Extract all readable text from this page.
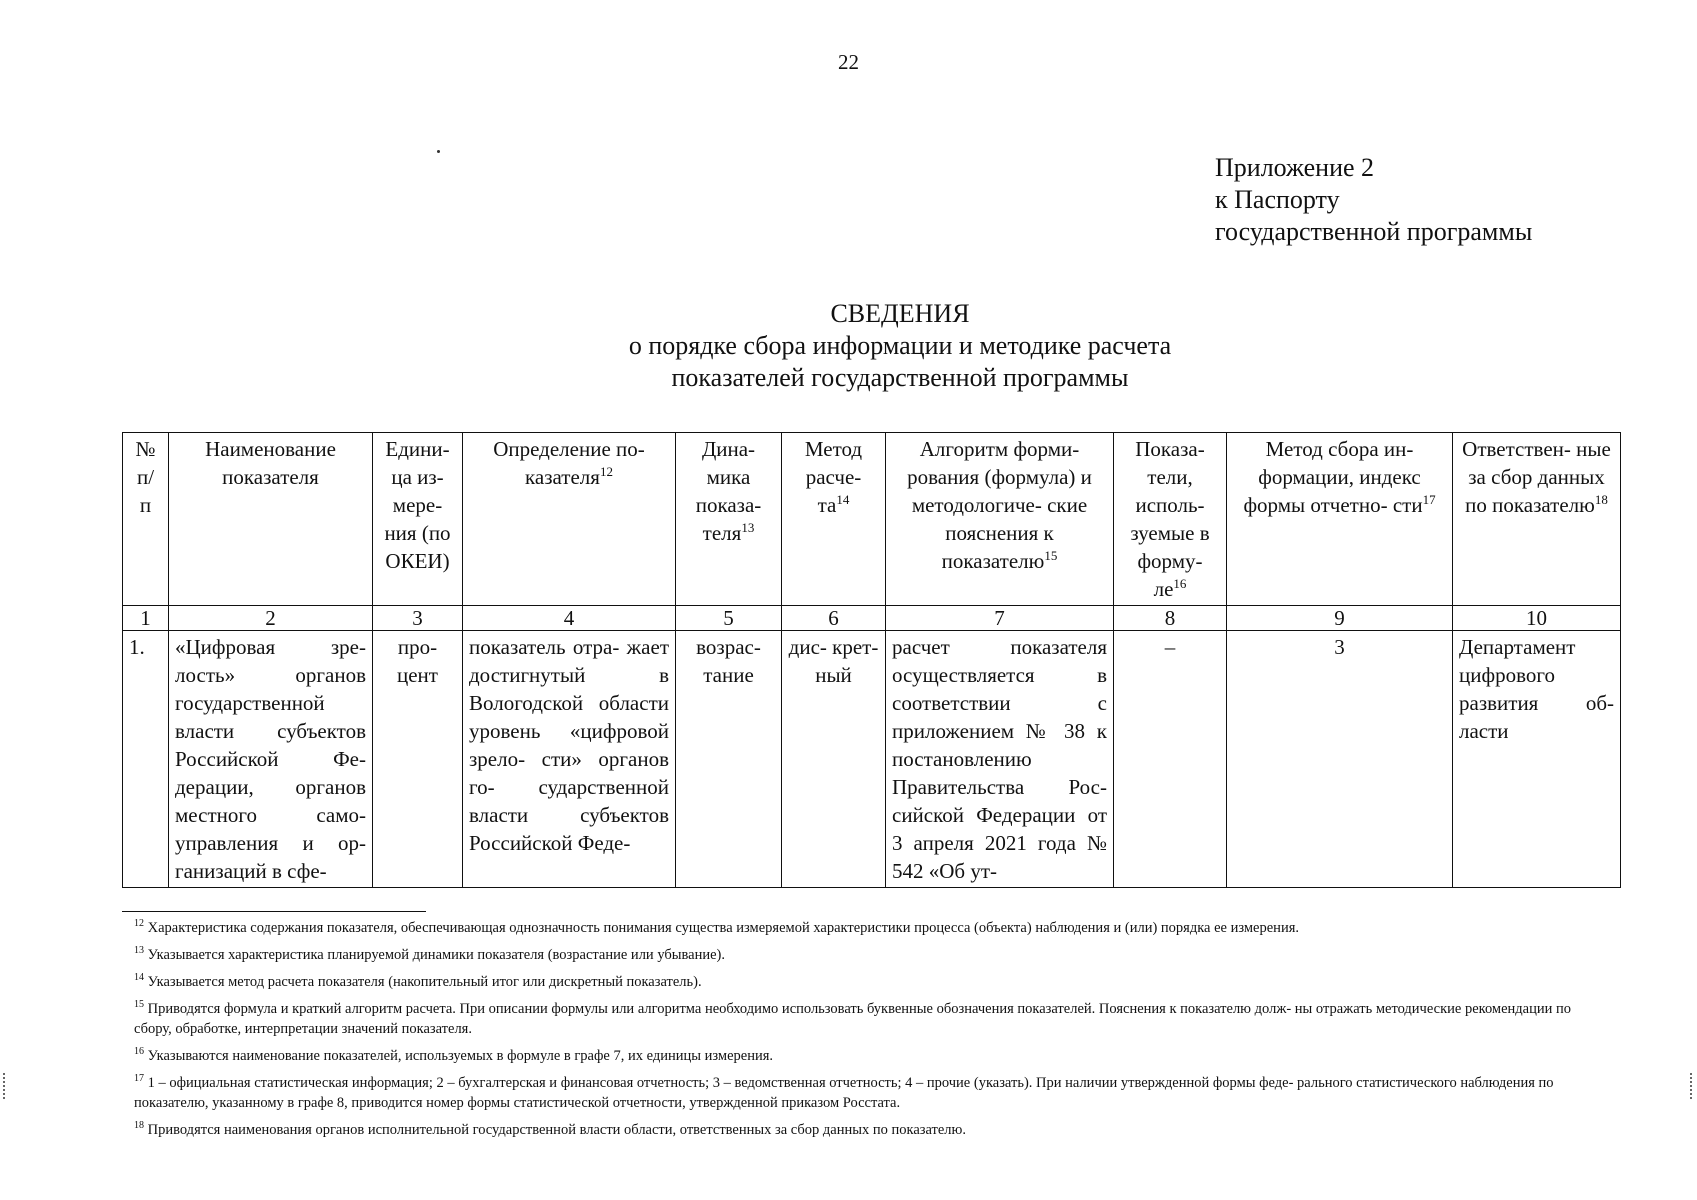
22
Приложение 2
к Паспорту
государственной программы
СВЕДЕНИЯ
о порядке сбора информации и методике расчета
показателей государственной программы
№ п/ п	Наименование показателя	Едини- ца из- мере- ния (по ОКЕИ)	Определение по- казателя$^{12}$	Дина- мика показа- теля$^{13}$	Метод расче- $та^{14}$	Алгоритм форми- рования (формула) и методологиче- ские пояснения к показателю$^{15}$	Показа- тели, исполь- зуемые в форму- $ле^{16}$	Метод сбора ин- формации, индекс формы отчетно- сти$^{17}$	Ответствен- ные за сбор данных по показателю$^{18}$
1	2	3	4	5	6	7	8	9	10
1.	«Цифровая зре- лость» органов государственной власти субъектов Российской Фе- дерации, органов местного само- управления и ор- ганизаций в сфе-	про- цент	показатель отра- жает достигнутый в Вологодской области уровень «цифровой зрело- сти» органов го- сударственной власти субъектов Российской Феде-	возрас- тание	дис- крет- ный	расчет показателя осуществляется в соответствии с приложением № 38 к постановлению Правительства Рос- сийской Федерации от 3 апреля 2021 года № 542 «Об ут-	–	3	Департамент цифрового развития об- ласти

$^{12}$ Характеристика содержания показателя, обеспечивающая однозначность понимания существа измеряемой характеристики процесса (объекта) наблюдения и (или) порядка ее измерения.

$^{13}$ Указывается характеристика планируемой динамики показателя (возрастание или убывание).

$^{14}$ Указывается метод расчета показателя (накопительный итог или дискретный показатель).

$^{15}$ Приводятся формула и краткий алгоритм расчета. При описании формулы или алгоритма необходимо использовать буквенные обозначения показателей. Пояснения к показателю долж- ны отражать методические рекомендации по сбору, обработке, интерпретации значений показателя.

$^{16}$ Указываются наименование показателей, используемых в формуле в графе 7, их единицы измерения.

$^{17}$ 1 – официальная статистическая информация; 2 – бухгалтерская и финансовая отчетность; 3 – ведомственная отчетность; 4 – прочие (указать). При наличии утвержденной формы феде- рального статистического наблюдения по показателю, указанному в графе 8, приводится номер формы статистической отчетности, утвержденной приказом Росстата.

$^{18}$ Приводятся наименования органов исполнительной государственной власти области, ответственных за сбор данных по показателю.
